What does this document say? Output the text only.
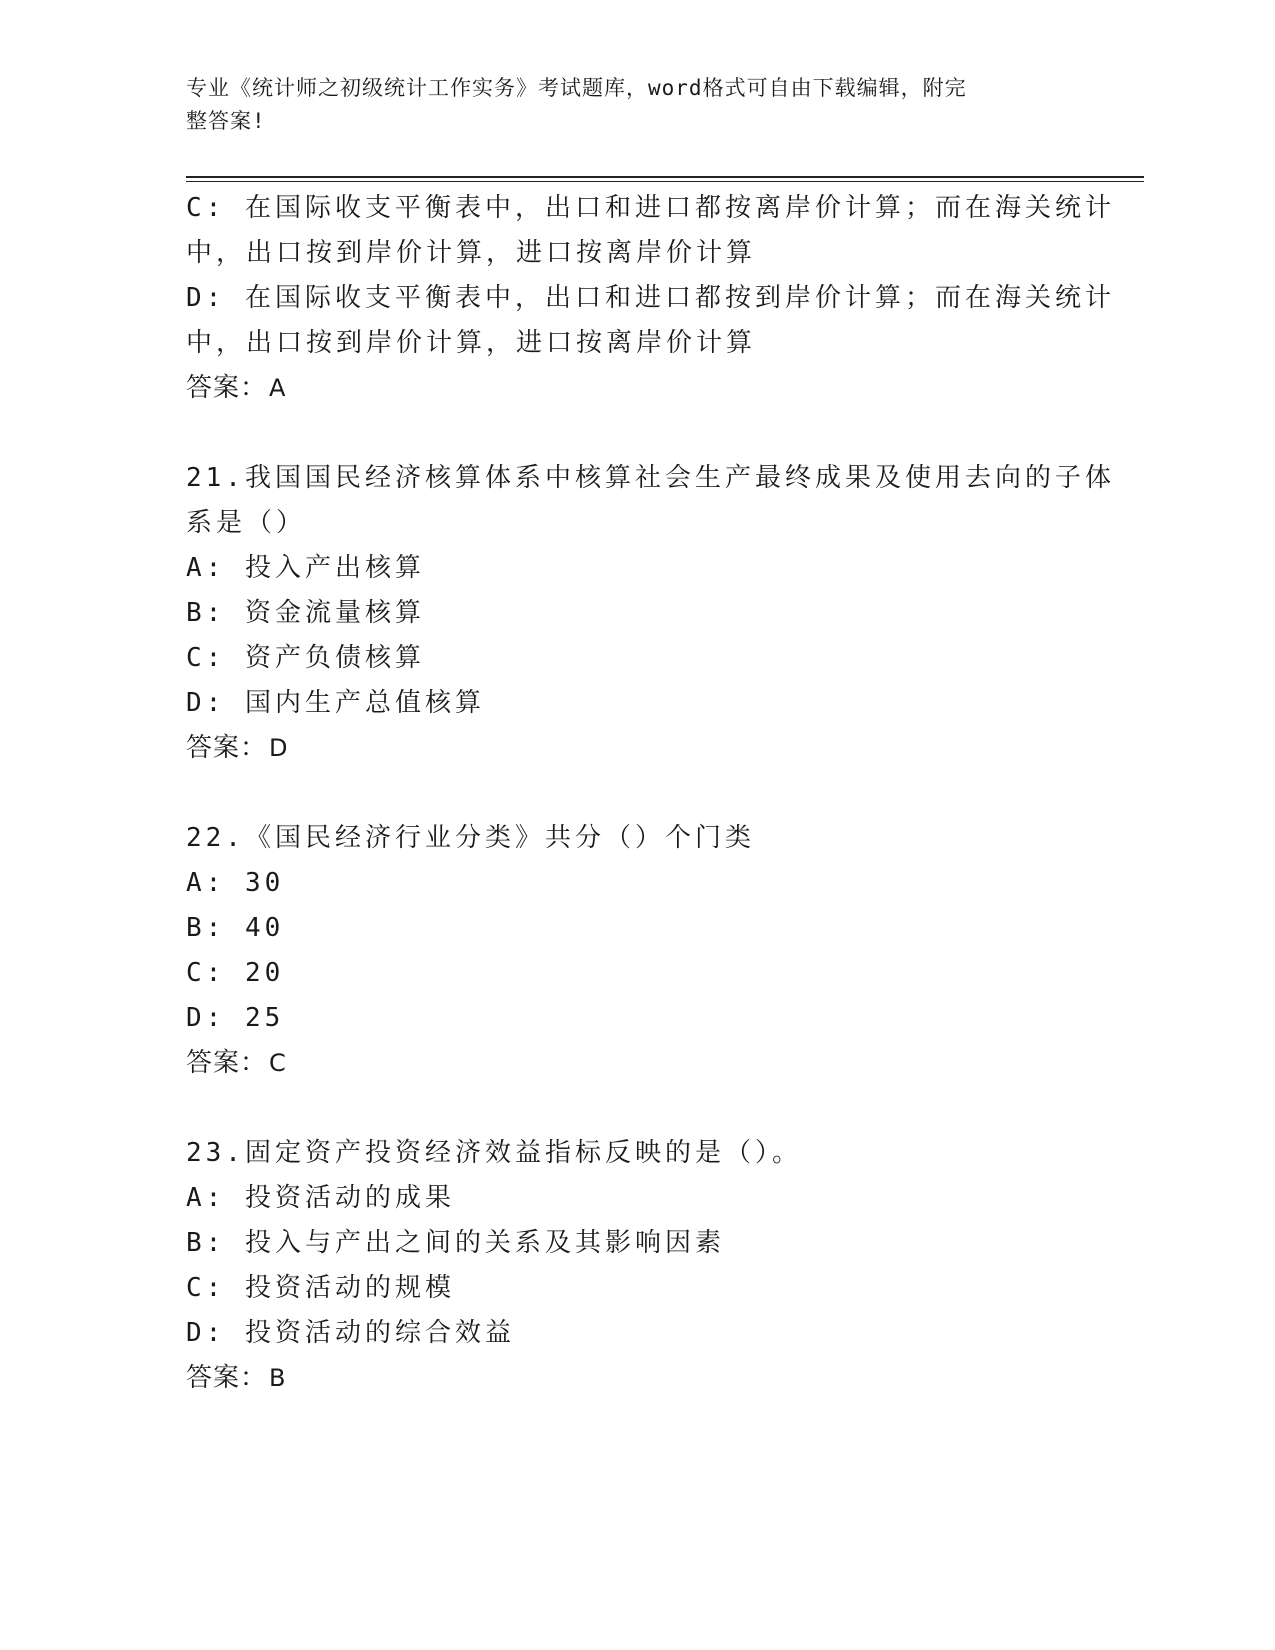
专业《统计师之初级统计工作实务》考试题库，word格式可自由下载编辑，附完
整答案!
C: 在国际收支平衡表中，出口和进口都按离岸价计算；而在海关统计
中，出口按到岸价计算，进口按离岸价计算
D: 在国际收支平衡表中，出口和进口都按到岸价计算；而在海关统计
中，出口按到岸价计算，进口按离岸价计算
答案：A
21.我国国民经济核算体系中核算社会生产最终成果及使用去向的子体
系是（）
A: 投入产出核算
B: 资金流量核算
C: 资产负债核算
D: 国内生产总值核算
答案：D
22.《国民经济行业分类》共分（）个门类
A: 30
B: 40
C: 20
D: 25
答案：C
23.固定资产投资经济效益指标反映的是（）。
A: 投资活动的成果
B: 投入与产出之间的关系及其影响因素
C: 投资活动的规模
D: 投资活动的综合效益
答案：B
